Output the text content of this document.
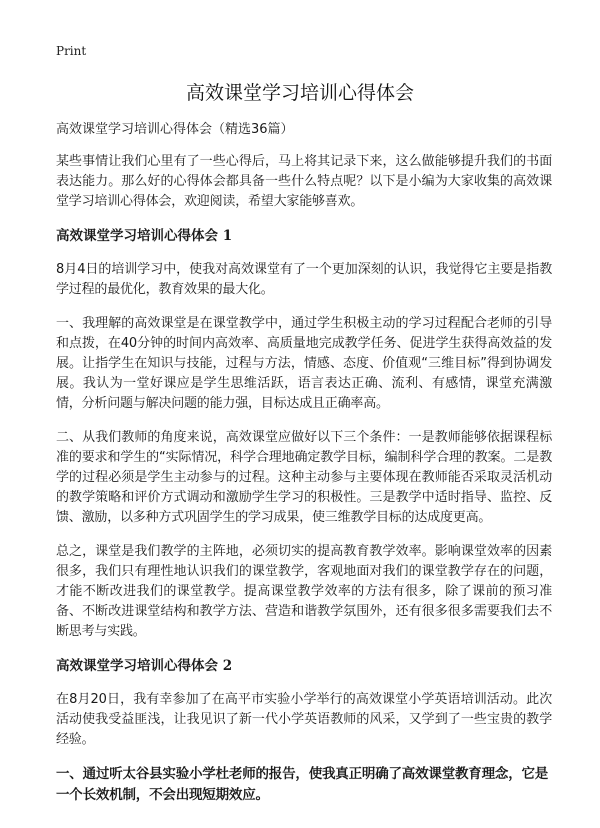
Print
高效课堂学习培训心得体会
高效课堂学习培训心得体会（精选36篇）

某些事情让我们心里有了一些心得后，马上将其记录下来，这么做能够提升我们的书面表达能力。那么好的心得体会都具备一些什么特点呢？以下是小编为大家收集的高效课堂学习培训心得体会，欢迎阅读，希望大家能够喜欢。

高效课堂学习培训心得体会 1

8月4日的培训学习中，使我对高效课堂有了一个更加深刻的认识，我觉得它主要是指教学过程的最优化，教育效果的最大化。

一、我理解的高效课堂是在课堂教学中，通过学生积极主动的学习过程配合老师的引导和点拨，在40分钟的时间内高效率、高质量地完成教学任务、促进学生获得高效益的发展。让指学生在知识与技能，过程与方法，情感、态度、价值观“三维目标”得到协调发展。我认为一堂好课应是学生思维活跃，语言表达正确、流利、有感情，课堂充满激情，分析问题与解决问题的能力强，目标达成且正确率高。

二、从我们教师的角度来说，高效课堂应做好以下三个条件：一是教师能够依据课程标准的要求和学生的“实际情况，科学合理地确定教学目标，编制科学合理的教案。二是教学的过程必须是学生主动参与的过程。这种主动参与主要体现在教师能否采取灵活机动的教学策略和评价方式调动和激励学生学习的积极性。三是教学中适时指导、监控、反馈、激励，以多种方式巩固学生的学习成果，使三维教学目标的达成度更高。

总之，课堂是我们教学的主阵地，必须切实的提高教育教学效率。影响课堂效率的因素很多，我们只有理性地认识我们的课堂教学，客观地面对我们的课堂教学存在的问题，才能不断改进我们的课堂教学。提高课堂教学效率的方法有很多，除了课前的预习准备、不断改进课堂结构和教学方法、营造和谐教学氛围外，还有很多很多需要我们去不断思考与实践。

高效课堂学习培训心得体会 2

在8月20日，我有幸参加了在高平市实验小学举行的高效课堂小学英语培训活动。此次活动使我受益匪浅，让我见识了新一代小学英语教师的风采，又学到了一些宝贵的教学经验。

一、通过听太谷县实验小学杜老师的报告，使我真正明确了高效课堂教育理念，它是一个长效机制，不会出现短期效应。
